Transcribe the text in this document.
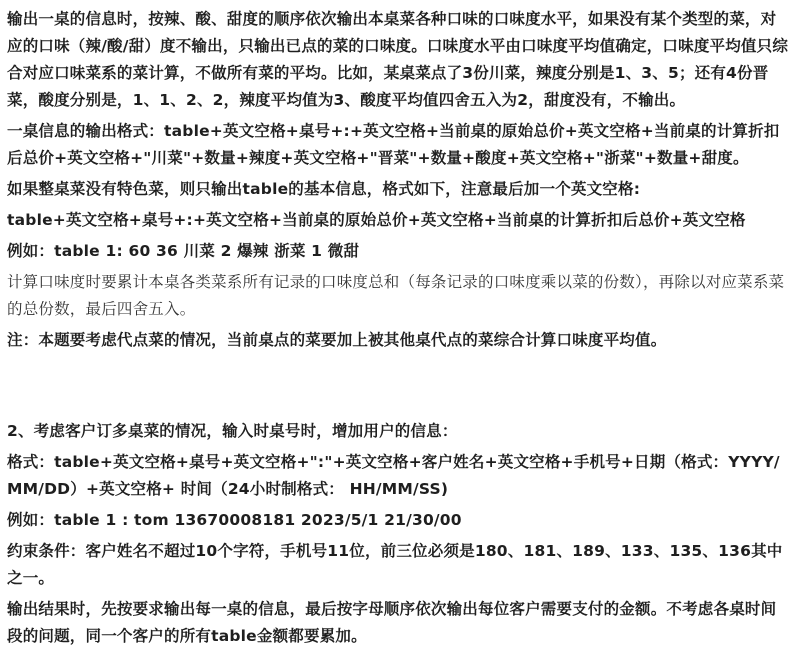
输出一桌的信息时，按辣、酸、甜度的顺序依次输出本桌菜各种口味的口味度水平，如果没有某个类型的菜，对应的口味（辣/酸/甜）度不输出，只输出已点的菜的口味度。口味度水平由口味度平均值确定，口味度平均值只综合对应口味菜系的菜计算，不做所有菜的平均。比如，某桌菜点了3份川菜，辣度分别是1、3、5；还有4份晋菜，酸度分别是，1、1、2、2，辣度平均值为3、酸度平均值四舍五入为2，甜度没有，不输出。

一桌信息的输出格式：table+英文空格+桌号+:+英文空格+当前桌的原始总价+英文空格+当前桌的计算折扣后总价+英文空格+"川菜"+数量+辣度+英文空格+"晋菜"+数量+酸度+英文空格+"浙菜"+数量+甜度。

如果整桌菜没有特色菜，则只输出table的基本信息，格式如下，注意最后加一个英文空格:

table+英文空格+桌号+:+英文空格+当前桌的原始总价+英文空格+当前桌的计算折扣后总价+英文空格

例如：table 1: 60 36 川菜 2 爆辣 浙菜 1 微甜

计算口味度时要累计本桌各类菜系所有记录的口味度总和（每条记录的口味度乘以菜的份数），再除以对应菜系菜的总份数，最后四舍五入。

注：本题要考虑代点菜的情况，当前桌点的菜要加上被其他桌代点的菜综合计算口味度平均值。

2、考虑客户订多桌菜的情况，输入时桌号时，增加用户的信息：

格式：table+英文空格+桌号+英文空格+":"+英文空格+客户姓名+英文空格+手机号+日期（格式：YYYY/MM/DD）+英文空格+ 时间（24小时制格式： HH/MM/SS)

例如：table 1 : tom 13670008181 2023/5/1 21/30/00

约束条件：客户姓名不超过10个字符，手机号11位，前三位必须是180、181、189、133、135、136其中之一。

输出结果时，先按要求输出每一桌的信息，最后按字母顺序依次输出每位客户需要支付的金额。不考虑各桌时间段的问题，同一个客户的所有table金额都要累加。
